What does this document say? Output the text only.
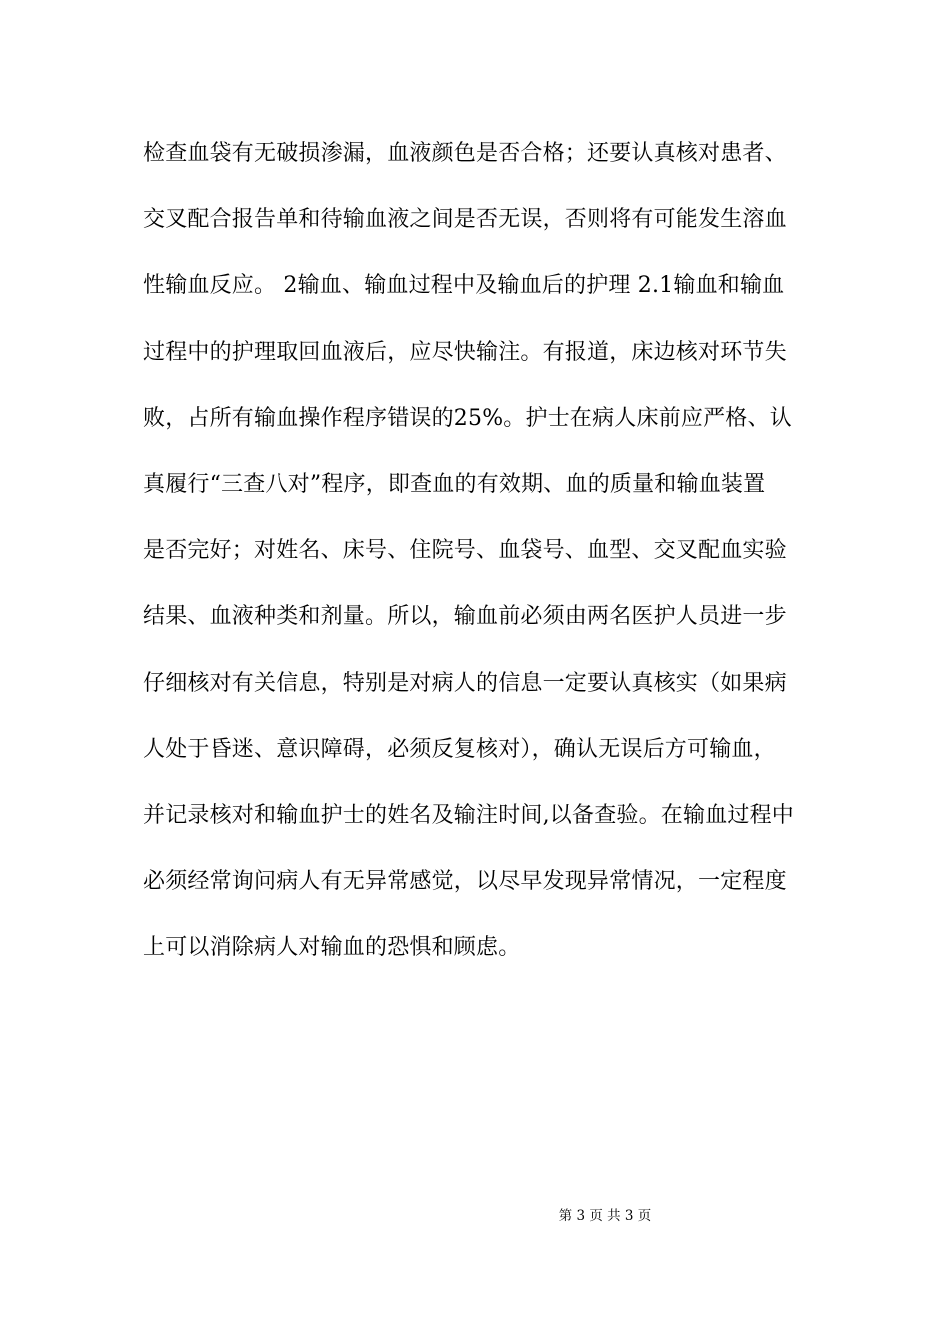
检查血袋有无破损渗漏，血液颜色是否合格；还要认真核对患者、
交叉配合报告单和待输血液之间是否无误，否则将有可能发生溶血
性输血反应。 2输血、输血过程中及输血后的护理 2.1输血和输血
过程中的护理取回血液后，应尽快输注。有报道，床边核对环节失
败，占所有输血操作程序错误的25%。护士在病人床前应严格、认
真履行“三查八对”程序，即查血的有效期、血的质量和输血装置
是否完好；对姓名、床号、住院号、血袋号、血型、交叉配血实验
结果、血液种类和剂量。所以，输血前必须由两名医护人员进一步
仔细核对有关信息，特别是对病人的信息一定要认真核实（如果病
人处于昏迷、意识障碍，必须反复核对），确认无误后方可输血，
并记录核对和输血护士的姓名及输注时间,以备查验。在输血过程中
必须经常询问病人有无异常感觉，以尽早发现异常情况，一定程度
上可以消除病人对输血的恐惧和顾虑。
第 3 页 共 3 页
